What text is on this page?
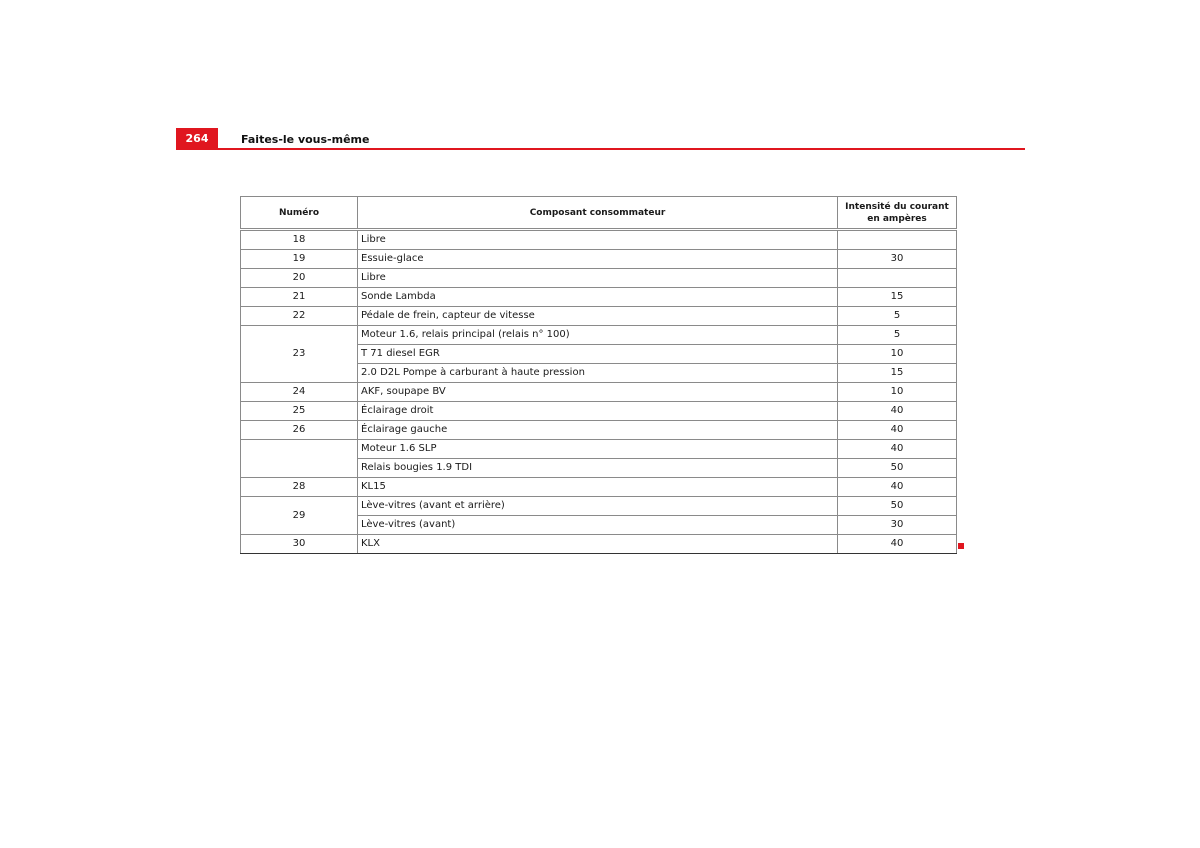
264	Faites-le vous-même
Numéro	Composant consommateur	Intensité du courant en ampères
18	Libre	
19	Essuie-glace	30
20	Libre	
21	Sonde Lambda	15
22	Pédale de frein, capteur de vitesse	5
23	Moteur 1.6, relais principal (relais n° 100)	5
	T 71 diesel EGR	10
	2.0 D2L Pompe à carburant à haute pression	15
24	AKF, soupape BV	10
25	Éclairage droit	40
26	Éclairage gauche	40
	Moteur 1.6 SLP	40
	Relais bougies 1.9 TDI	50
28	KL15	40
29	Lève-vitres (avant et arrière)	50
	Lève-vitres (avant)	30
30	KLX	40
